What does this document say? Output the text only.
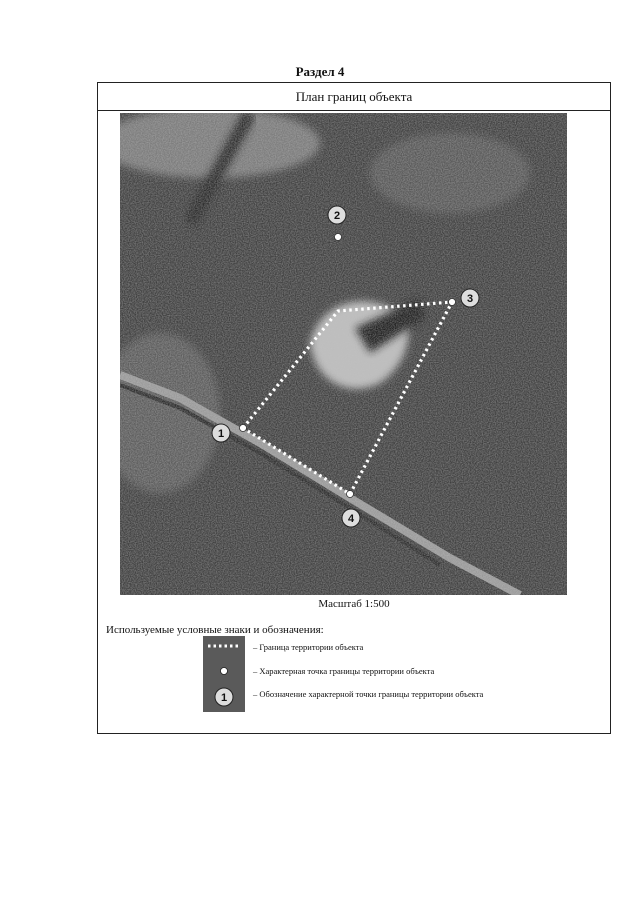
Раздел 4
План границ объекта
1
2
3
4
Масштаб 1:500
Используемые условные знаки и обозначения:
1
– Граница территории объекта
– Характерная точка границы территории объекта
– Обозначение характерной точки границы территории объекта
